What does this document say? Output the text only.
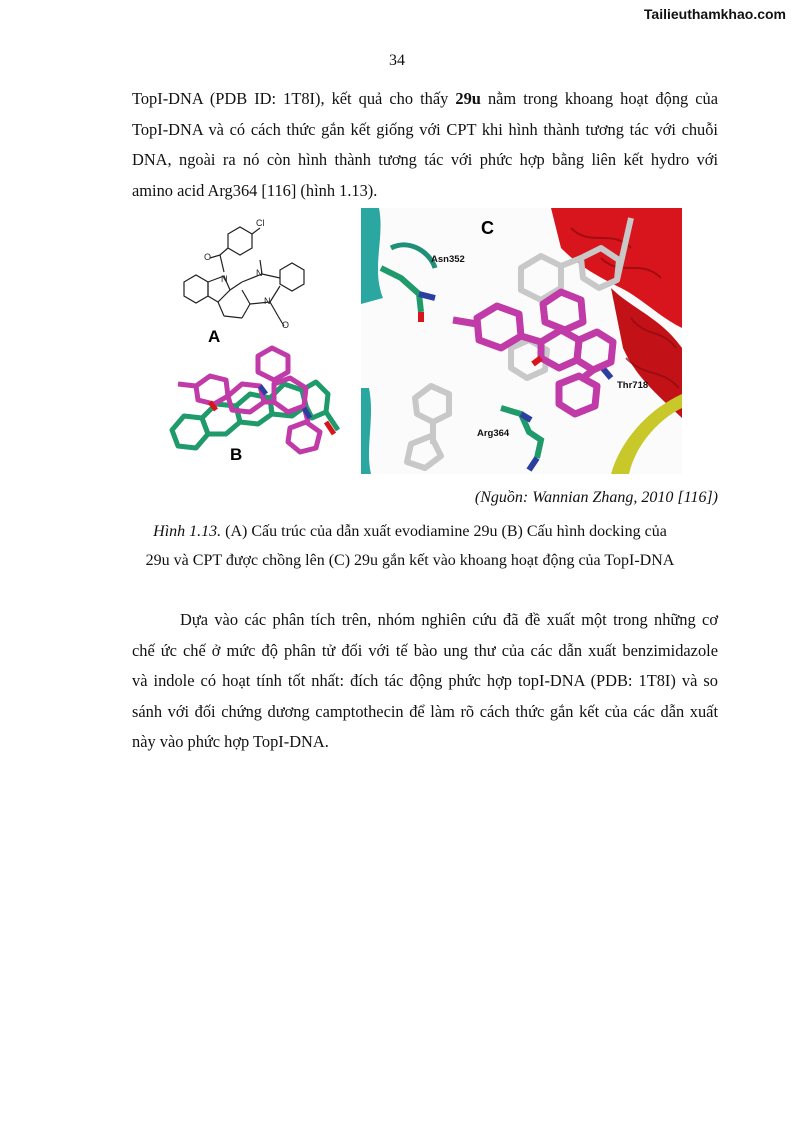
Tailieuthamkhao.com
34
TopI-DNA (PDB ID: 1T8I), kết quả cho thấy 29u nằm trong khoang hoạt động của
TopI-DNA và có cách thức gắn kết giống với CPT khi hình thành tương tác với chuỗi
DNA, ngoài ra nó còn hình thành tương tác với phức hợp bằng liên kết hydro với
amino acid Arg364 [116] (hình 1.13).
Cl
O
N
N
N
O
A
B
Asn352
Arg364
Thr718
C
(Nguồn: Wannian Zhang, 2010 [116])
Hình 1.13. (A) Cấu trúc của dẫn xuất evodiamine 29u (B) Cấu hình docking của
29u và CPT được chồng lên (C) 29u gắn kết vào khoang hoạt động của TopI-DNA
Dựa vào các phân tích trên, nhóm nghiên cứu đã đề xuất một trong những cơ
chế ức chế ở mức độ phân tử đối với tế bào ung thư của các dẫn xuất benzimidazole
và indole có hoạt tính tốt nhất: đích tác động phức hợp topI-DNA (PDB: 1T8I) và so
sánh với đối chứng dương camptothecin để làm rõ cách thức gắn kết của các dẫn xuất
này vào phức hợp TopI-DNA.
